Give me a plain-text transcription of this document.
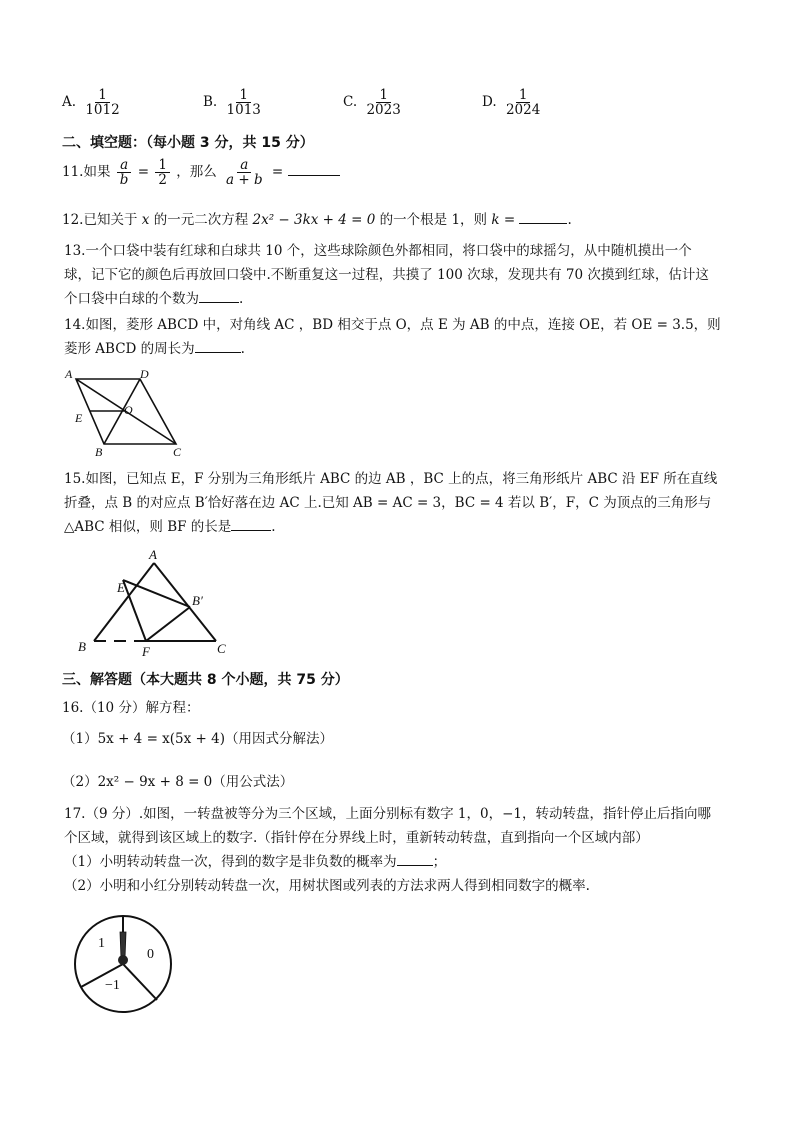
A. $\frac{1}{1012}$	B. $\frac{1}{1013}$	C. $\frac{1}{2023}$	D. $\frac{1}{2024}$
二、填空题：（每小题 3 分，共 15 分）
11.如果 $\frac{a}{b} = \frac{1}{2}$ ，那么 $\frac{a}{a + b}$ =
12.已知关于 x 的一元二次方程 2x² − 3kx + 4 = 0 的一个根是 1，则 k =	.
13.一个口袋中装有红球和白球共 10 个，这些球除颜色外都相同，将口袋中的球摇匀，从中随机摸出一个
球，记下它的颜色后再放回口袋中.不断重复这一过程，共摸了 100 次球，发现共有 70 次摸到红球，估计这
个口袋中白球的个数为	.
14.如图，菱形 ABCD 中，对角线 AC ，BD 相交于点 O，点 E 为 AB 的中点，连接 OE，若 OE = 3.5，则
菱形 ABCD 的周长为	.
A	D
E
O
B	C
15.如图，已知点 E，F 分别为三角形纸片 ABC 的边 AB ，BC 上的点，将三角形纸片 ABC 沿 EF 所在直线
折叠，点 B 的对应点 B′恰好落在边 AC 上.已知 AB = AC = 3，BC = 4 若以 B′，F，C 为顶点的三角形与
△ABC 相似，则 BF 的长是	.
A
E
B′
B	F	C
三、解答题（本大题共 8 个小题，共 75 分）
16.（10 分）解方程：
（1）5x + 4 = x(5x + 4)（用因式分解法）
（2）2x² − 9x + 8 = 0（用公式法）
17.（9 分）.如图，一转盘被等分为三个区域，上面分别标有数字 1，0，−1，转动转盘，指针停止后指向哪
个区域，就得到该区域上的数字.（指针停在分界线上时，重新转动转盘，直到指向一个区域内部）
（1）小明转动转盘一次，得到的数字是非负数的概率为	；
（2）小明和小红分别转动转盘一次，用树状图或列表的方法求两人得到相同数字的概率.
1
0
−1
